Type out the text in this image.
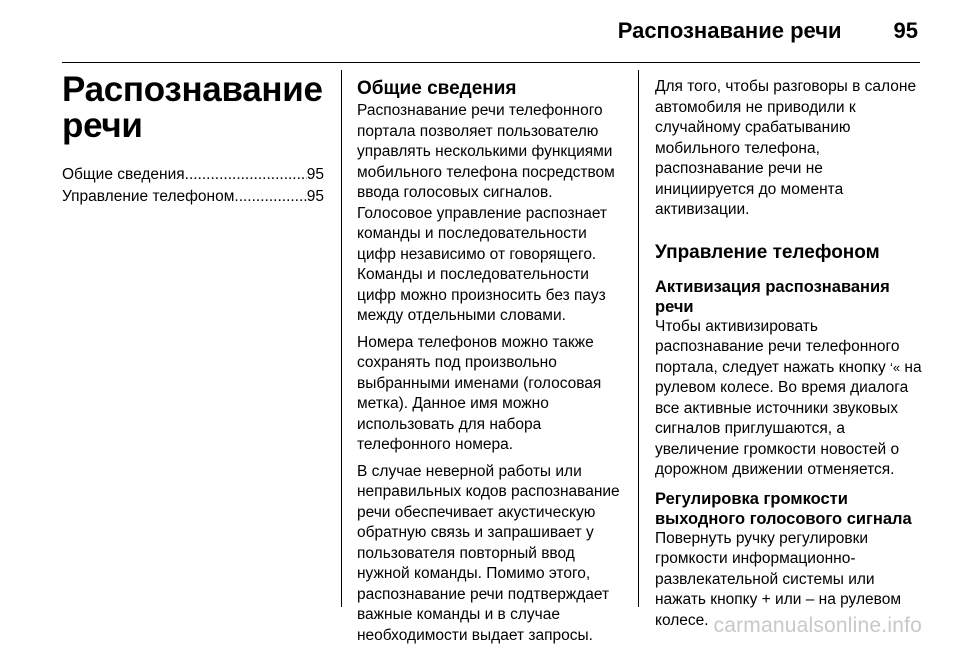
Распознавание речи 95
Распознавание
речи
Общие сведения .....	95
Управление телефоном .....	95
Общие сведения

Распознавание речи телефонного портала позволяет пользователю управлять несколькими функциями мобильного телефона посредством ввода голосовых сигналов. Голосовое управление распознает команды и последовательности цифр независимо от говорящего. Команды и последовательности цифр можно произносить без пауз между отдельными словами.

Номера телефонов можно также сохранять под произвольно выбранными именами (голосовая метка). Данное имя можно использовать для набора телефонного номера.

В случае неверной работы или неправильных кодов распознавание речи обеспечивает акустическую обратную связь и запрашивает у пользователя повторный ввод нужной команды. Помимо этого, распознавание речи подтверждает важные команды и в случае необходимости выдает запросы.

Для того, чтобы разговоры в салоне автомобиля не приводили к случайному срабатыванию мобильного телефона, распознавание речи не инициируется до момента активизации.

Управление телефоном
Активизация распознавания речи

Чтобы активизировать распознавание речи телефонного портала, следует нажать кнопку ‘« на рулевом колесе. Во время диалога все активные источники звуковых сигналов приглушаются, а увеличение громкости новостей о дорожном движении отменяется.

Регулировка громкости выходного голосового сигнала

Повернуть ручку регулировки громкости информационно-развлекательной системы или нажать кнопку + или – на рулевом колесе. carmanualsonline.info
